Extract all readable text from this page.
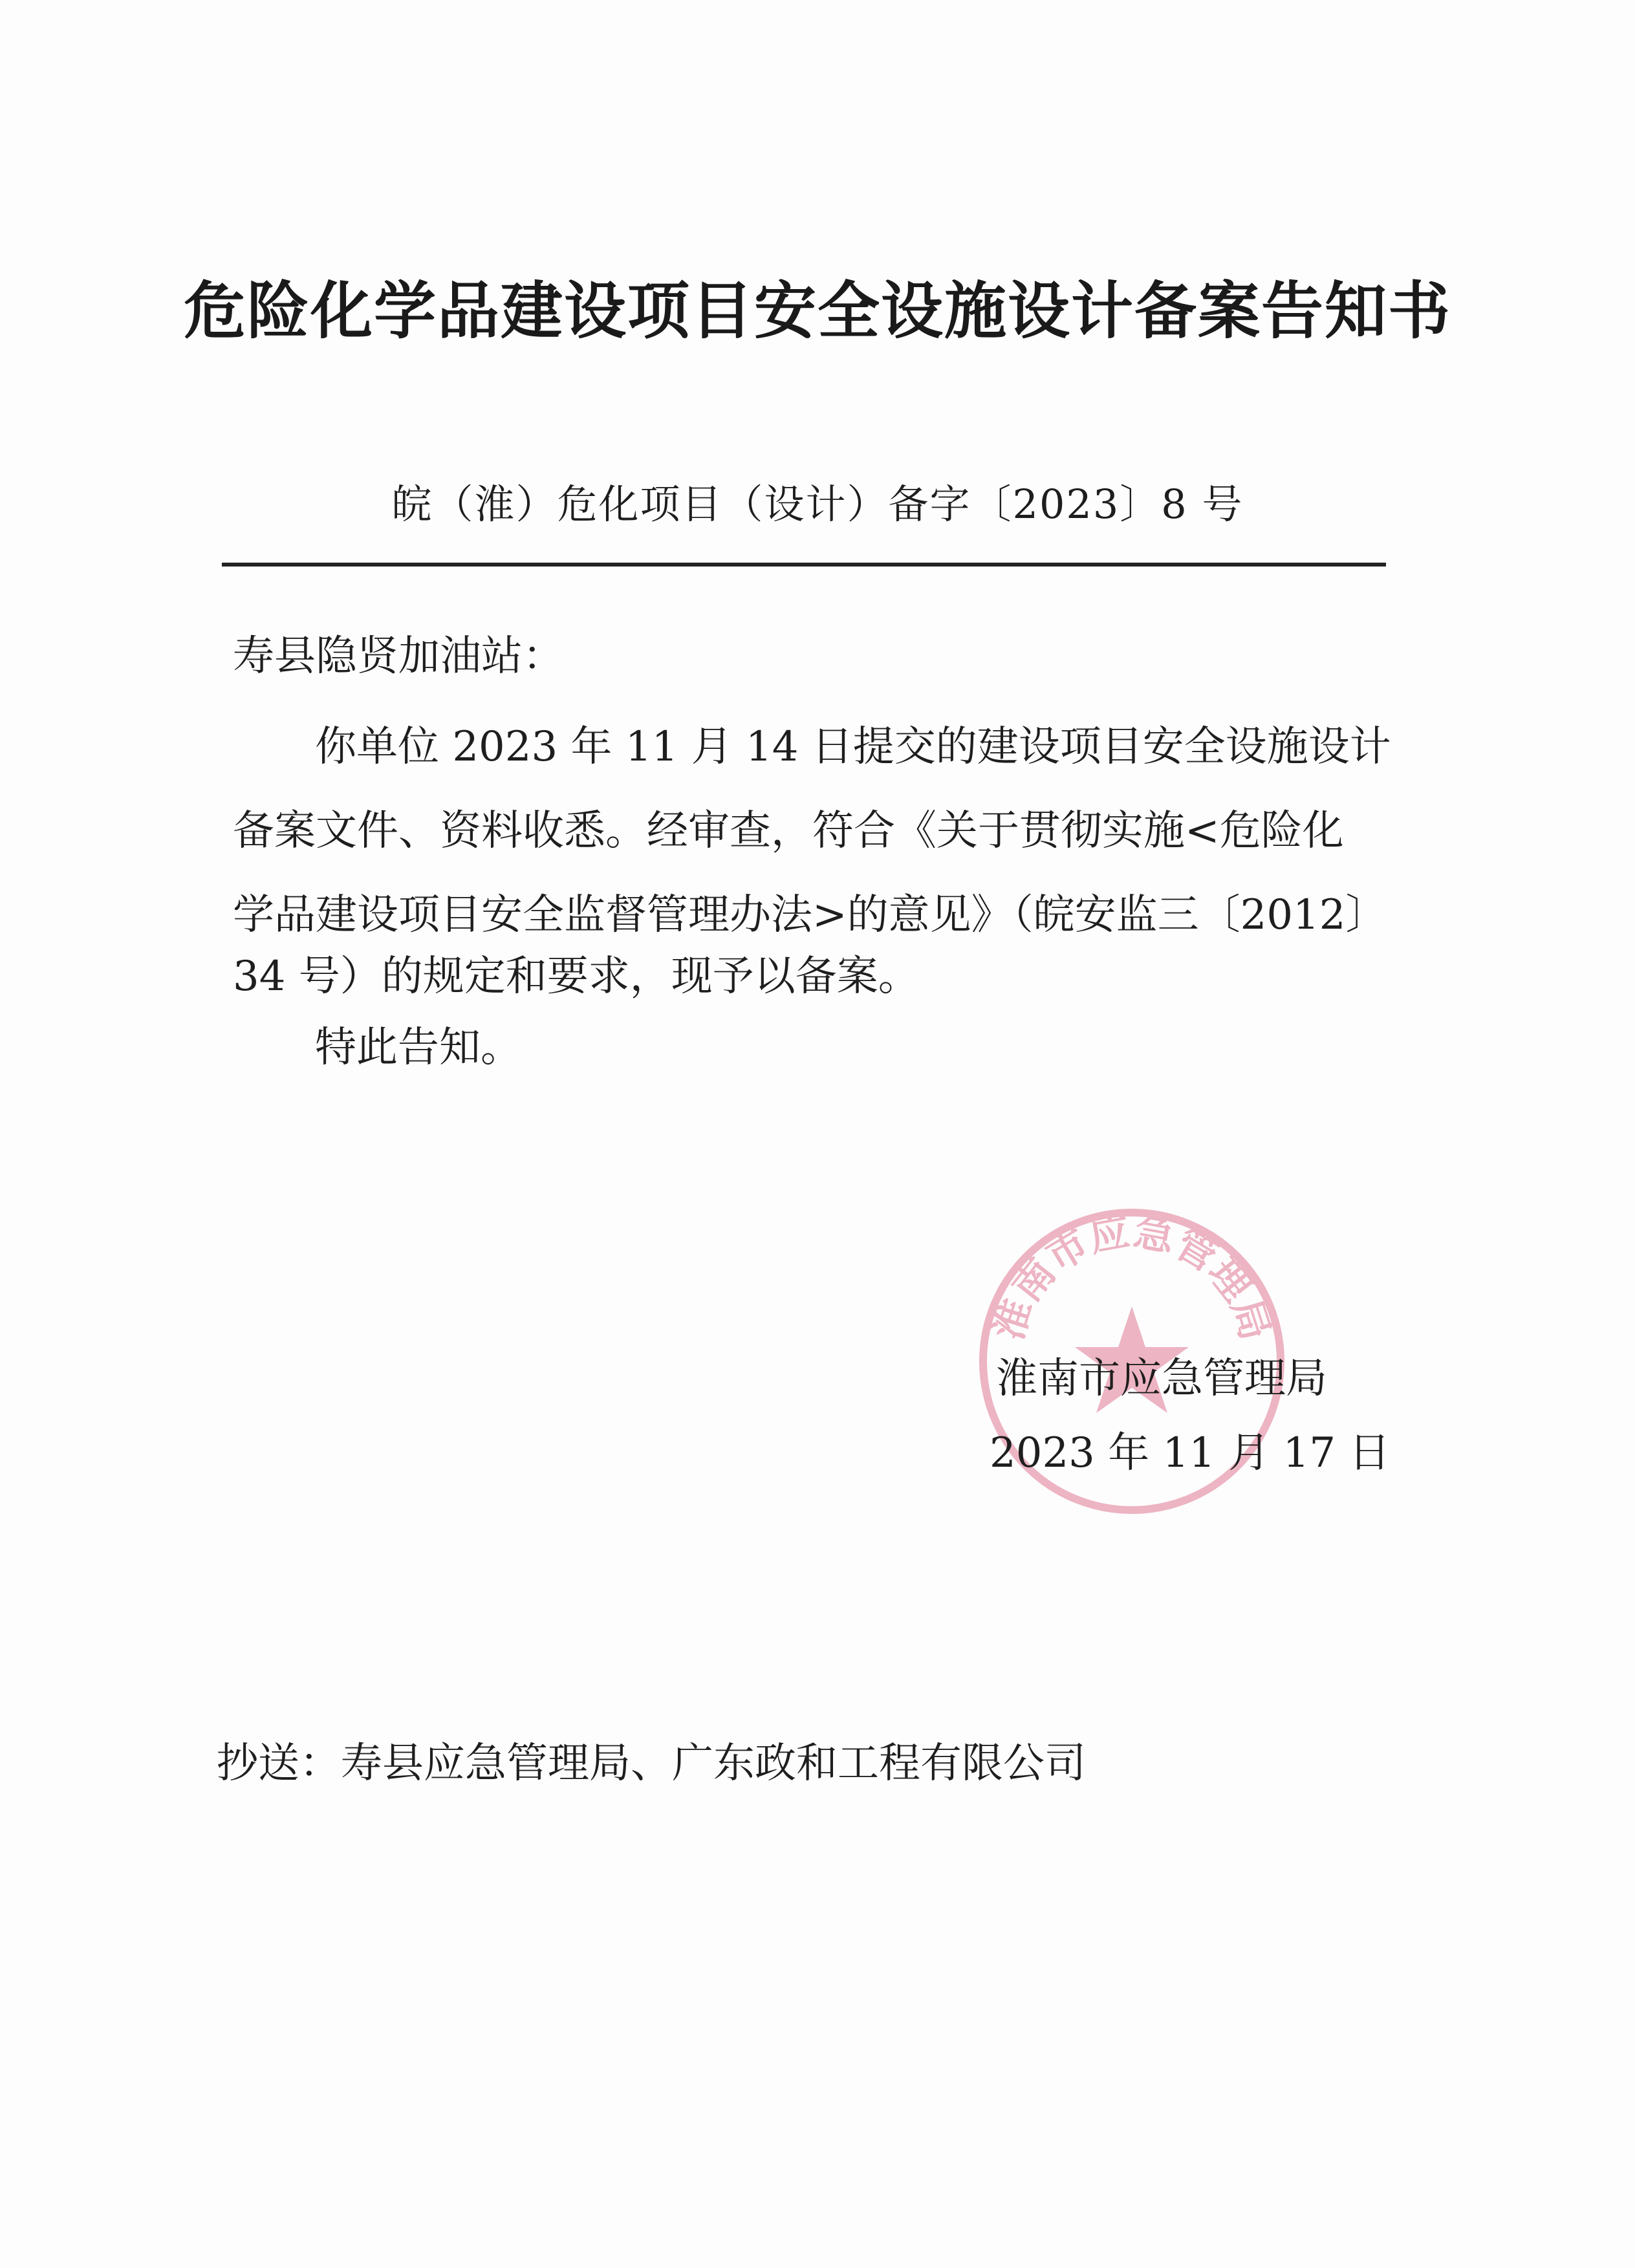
危险化学品建设项目安全设施设计备案告知书
皖（淮）危化项目（设计）备字〔2023〕8 号
寿县隐贤加油站：
你单位 2023 年 11 月 14 日提交的建设项目安全设施设计
备案文件、资料收悉。经审查，符合《关于贯彻实施<危险化
学品建设项目安全监督管理办法>的意见》（皖安监三〔2012〕
34 号）的规定和要求，现予以备案。
特此告知。
淮南市应急管理局
淮南市应急管理局
2023 年 11 月 17 日
抄送：寿县应急管理局、广东政和工程有限公司
